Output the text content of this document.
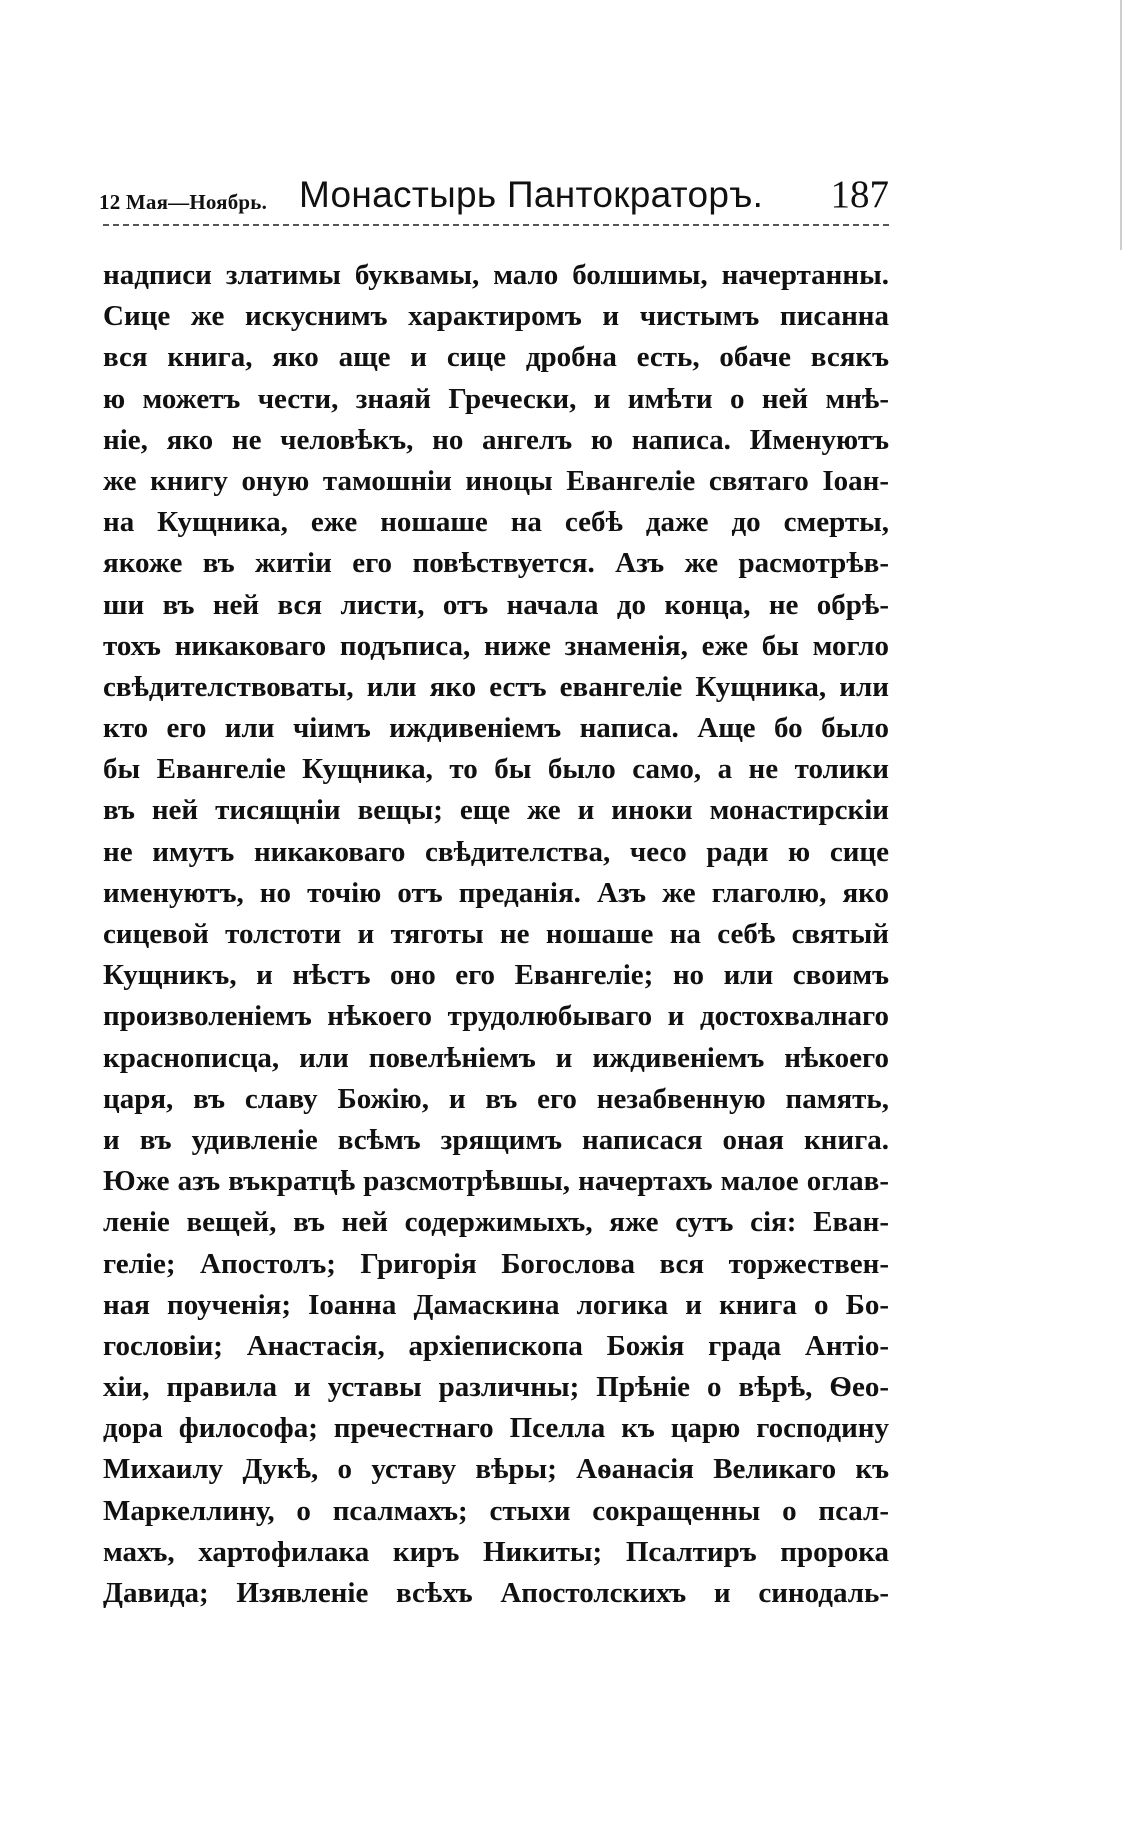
12 Мая—Ноябрь. Монастырь Пантократоръ. 187
надписи златимы буквамы, мало болшимы, начертанны.
Сице же искуснимъ характиромъ и чистымъ писанна
вся книга, яко аще и сице дробна есть, обаче всякъ
ю можетъ чести, знаяй Гречески, и имѣти о ней мнѣ-
ніе, яко не человѣкъ, но ангелъ ю написа. Именуютъ
же книгу оную тамошніи иноцы Евангеліе святаго Іоан-
на Кущника, еже ношаше на себѣ даже до смерты,
якоже въ житіи его повѣствуется. Азъ же расмотрѣв-
ши въ ней вся листи, отъ начала до конца, не обрѣ-
тохъ никаковаго подъписа, ниже знаменія, еже бы могло
свѣдителствоваты, или яко естъ евангеліе Кущника, или
кто его или чіимъ иждивеніемъ написа. Аще бо было
бы Евангеліе Кущника, то бы было само, а не толики
въ ней тисящніи вещы; еще же и иноки монастирскіи
не имутъ никаковаго свѣдителства, чесо ради ю сице
именуютъ, но точію отъ преданія. Азъ же глаголю, яко
сицевой толстоти и тяготы не ношаше на себѣ святый
Кущникъ, и нѣстъ оно его Евангеліе; но или своимъ
произволеніемъ нѣкоего трудолюбываго и достохвалнаго
краснописца, или повелѣніемъ и иждивеніемъ нѣкоего
царя, въ славу Божію, и въ его незабвенную память,
и въ удивленіе всѣмъ зрящимъ написася оная книга.
Юже азъ въкратцѣ разсмотрѣвшы, начертахъ малое оглав-
леніе вещей, въ ней содержимыхъ, яже сутъ сія: Еван-
геліе; Апостолъ; Григорія Богослова вся торжествен-
ная поученія; Іоанна Дамаскина логика и книга о Бо-
гословіи; Анастасія, архіепископа Божія града Антіо-
хіи, правила и уставы различны; Прѣніе о вѣрѣ, Ѳео-
дора философа; пречестнаго Пселла къ царю господину
Михаилу Дукѣ, о уставу вѣры; Аѳанасія Великаго къ
Маркеллину, о псалмахъ; стыхи сокращенны о псал-
махъ, хартофилака киръ Никиты; Псалтиръ пророка
Давида; Изявленіе всѣхъ Апостолскихъ и синодаль-
